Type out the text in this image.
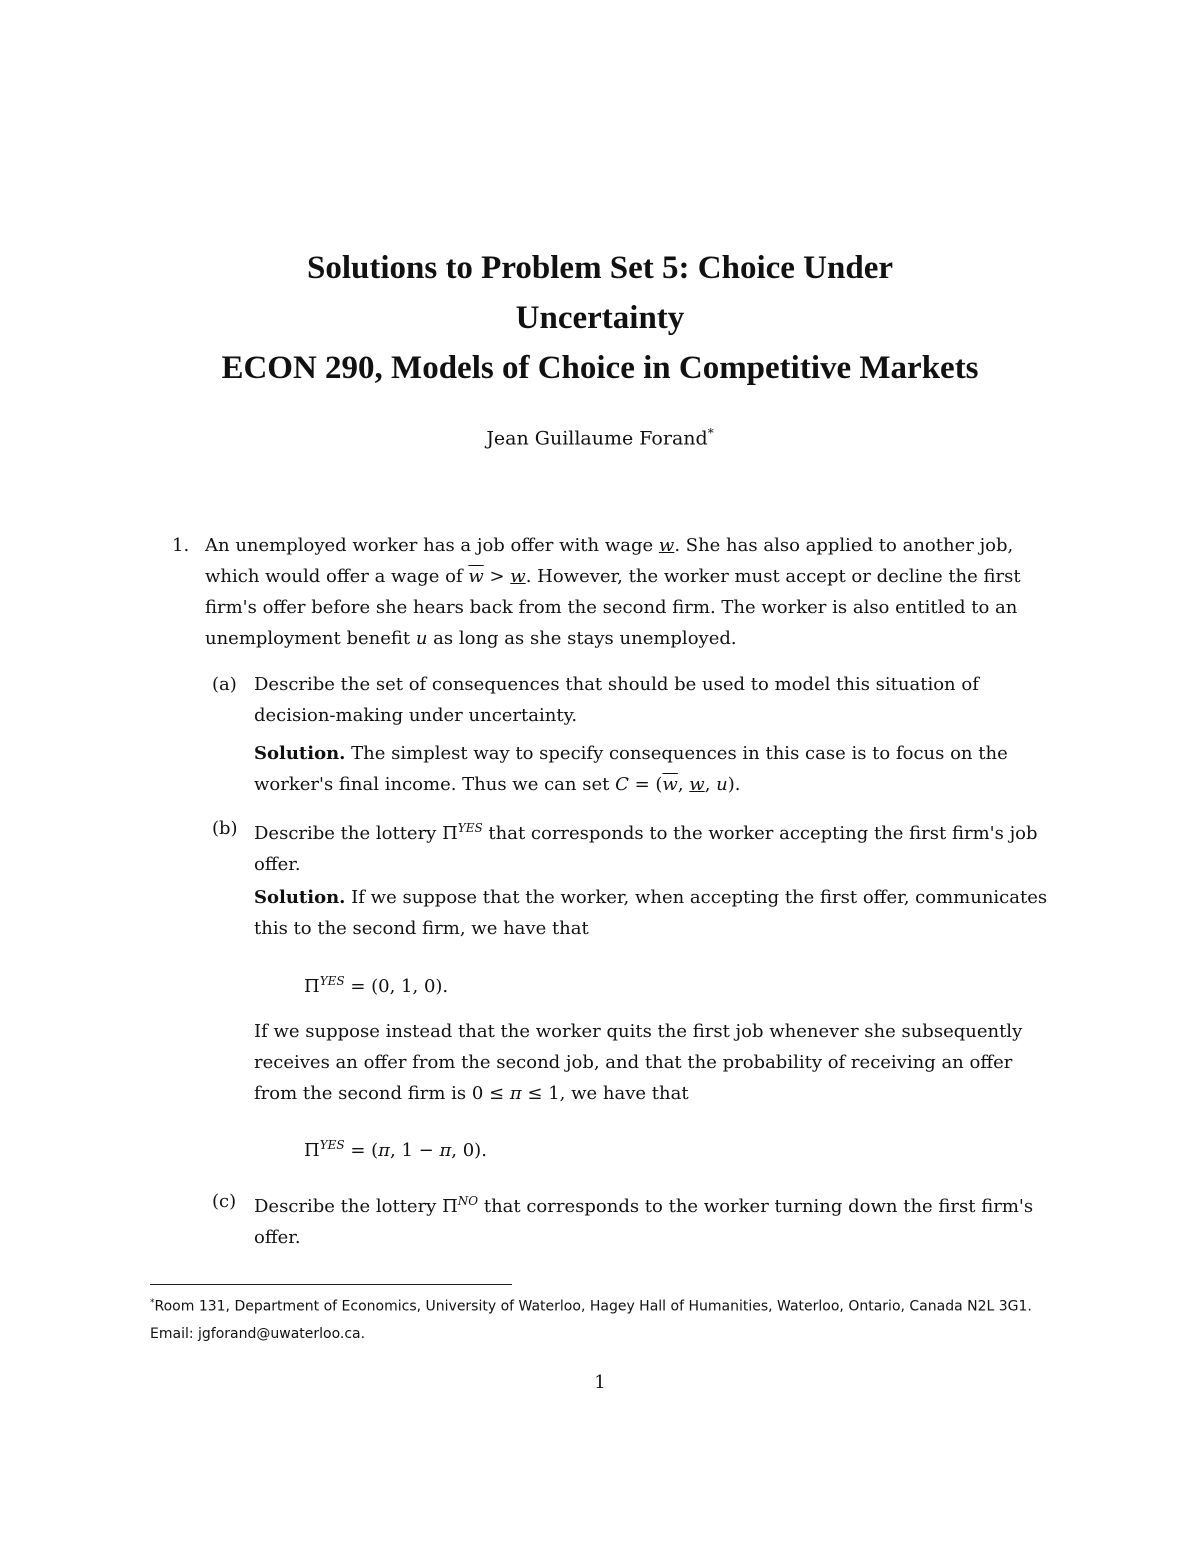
Solutions to Problem Set 5: Choice Under
Uncertainty
ECON 290, Models of Choice in Competitive Markets
Jean Guillaume Forand*

1. An unemployed worker has a job offer with wage w. She has also applied to another job, which would offer a wage of $\overline{w} > w$. However, the worker must accept or decline the first firm's offer before she hears back from the second firm. The worker is also entitled to an unemployment benefit u as long as she stays unemployed.

(a) Describe the set of consequences that should be used to model this situation of decision-making under uncertainty.

Solution. The simplest way to specify consequences in this case is to focus on the worker's final income. Thus we can set $C = (\overline{w}$, w, u).

(b) Describe the lottery $\Pi^{YES}$ that corresponds to the worker accepting the first firm's job offer.

Solution. If we suppose that the worker, when accepting the first offer, communicates this to the second firm, we have that

$\Pi^{YES} = (0$, 1, 0).

If we suppose instead that the worker quits the first job whenever she subsequently receives an offer from the second job, and that the probability of receiving an offer from the second firm is 0 ≤ π ≤ 1, we have that

$\Pi^{YES} = (\pi$, 1 − π, 0).
(c) Describe the lottery $\Pi^{NO}$ that corresponds to the worker turning down the first firm's offer.
*Room 131, Department of Economics, University of Waterloo, Hagey Hall of Humanities, Waterloo, Ontario, Canada N2L 3G1. Email: jgforand@uwaterloo.ca.
1
